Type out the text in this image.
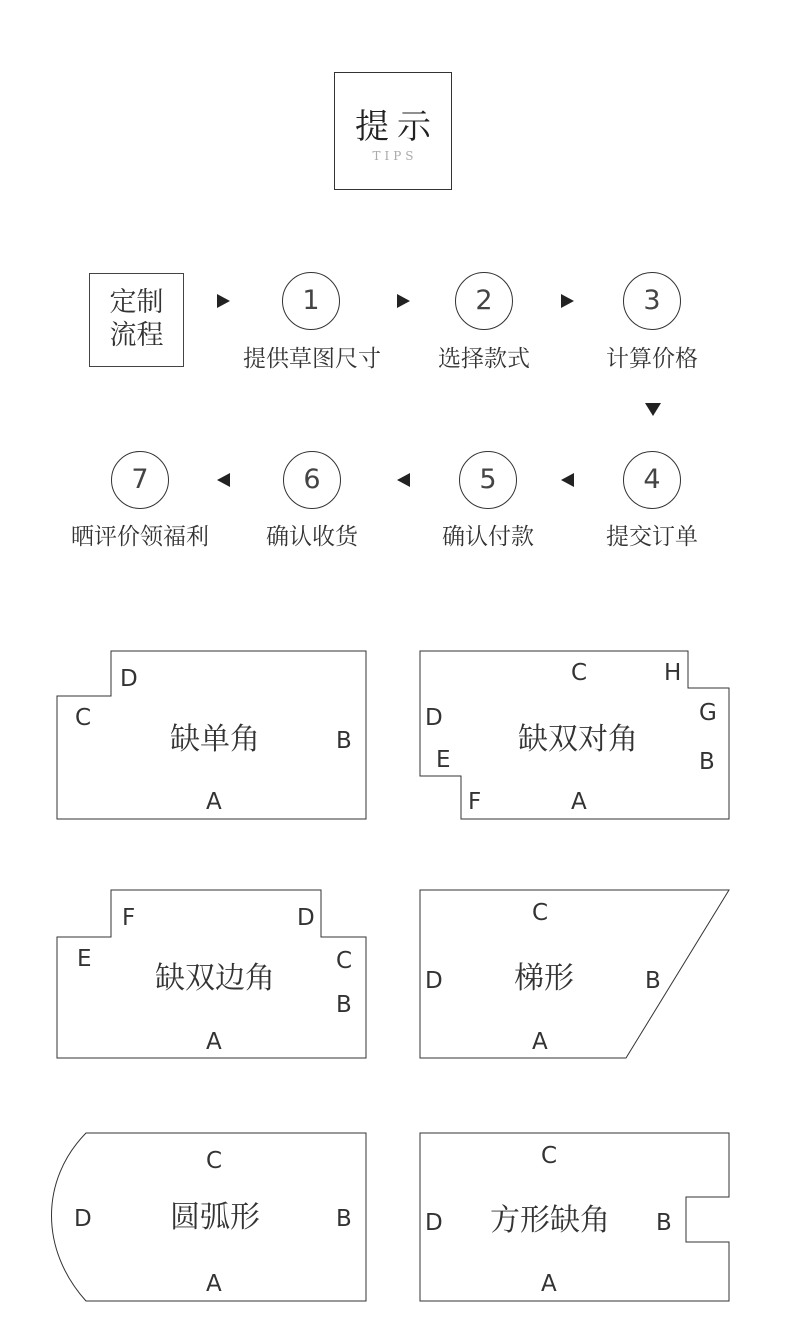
提示
TIPS
定制
流程
1
提供草图尺寸
2
选择款式
3
计算价格
4
提交订单
5
确认付款
6
确认收货
7
晒评价领福利
D
C
B
A
缺单角
C	H
D	G
E	B
F	A
缺双对角
F	D
E	C
B
A
缺双边角
C
D	B
A
梯形
C
D	B
A
圆弧形
C
D	B
A
方形缺角
